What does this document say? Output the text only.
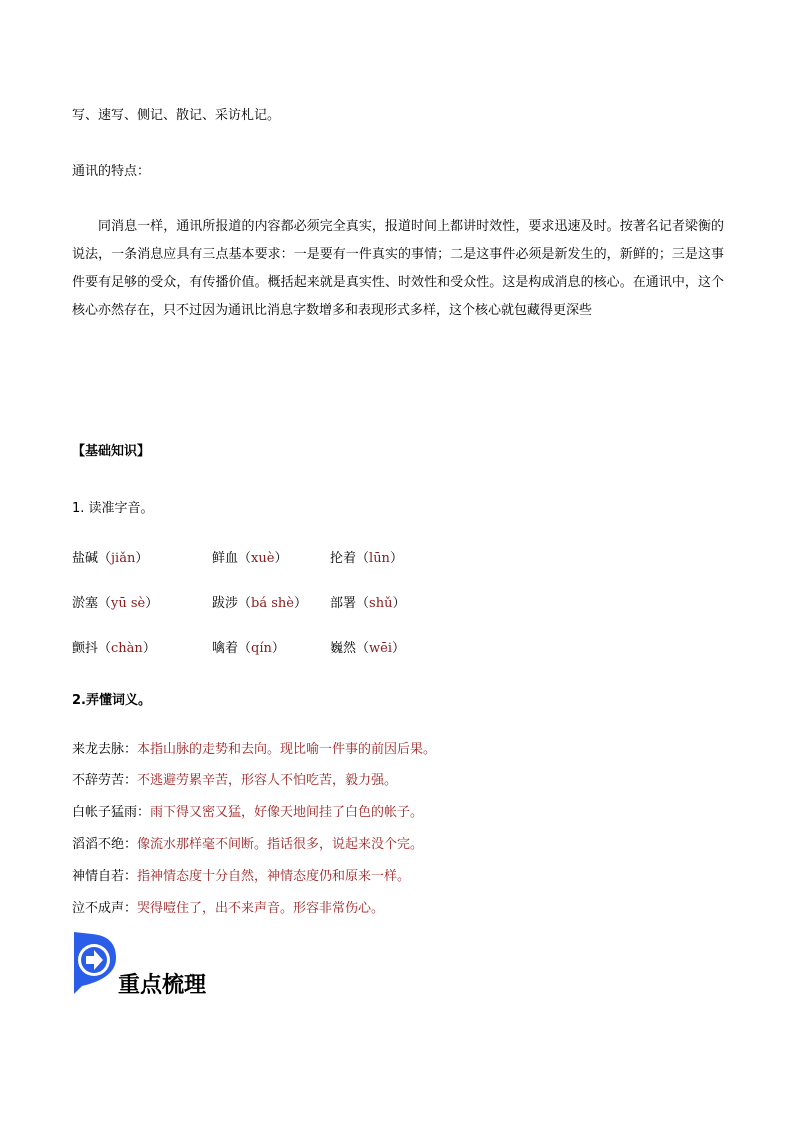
写、速写、侧记、散记、采访札记。

通讯的特点：

同消息一样，通讯所报道的内容都必须完全真实，报道时间上都讲时效性，要求迅速及时。按著名记者梁衡的说法，一条消息应具有三点基本要求：一是要有一件真实的事情；二是这事件必须是新发生的，新鲜的；三是这事件要有足够的受众，有传播价值。概括起来就是真实性、时效性和受众性。这是构成消息的核心。在通讯中，这个核心亦然存在，只不过因为通讯比消息字数增多和表现形式多样，这个核心就包藏得更深些

【基础知识】

1. 读准字音。

盐碱（jiǎn）	鲜血（xuè）	抡着（lūn）
淤塞（yū sè）	跋涉（bá shè） 部署（shǔ）
颤抖（chàn）	噙着（qín）	巍然（wēi）

2.弄懂词义。

来龙去脉：本指山脉的走势和去向。现比喻一件事的前因后果。
不辞劳苦：不逃避劳累辛苦，形容人不怕吃苦，毅力强。
白帐子猛雨：雨下得又密又猛，好像天地间挂了白色的帐子。
滔滔不绝：像流水那样毫不间断。指话很多，说起来没个完。
神情自若：指神情态度十分自然，神情态度仍和原来一样。
泣不成声：哭得噎住了，出不来声音。形容非常伤心。
重点梳理
